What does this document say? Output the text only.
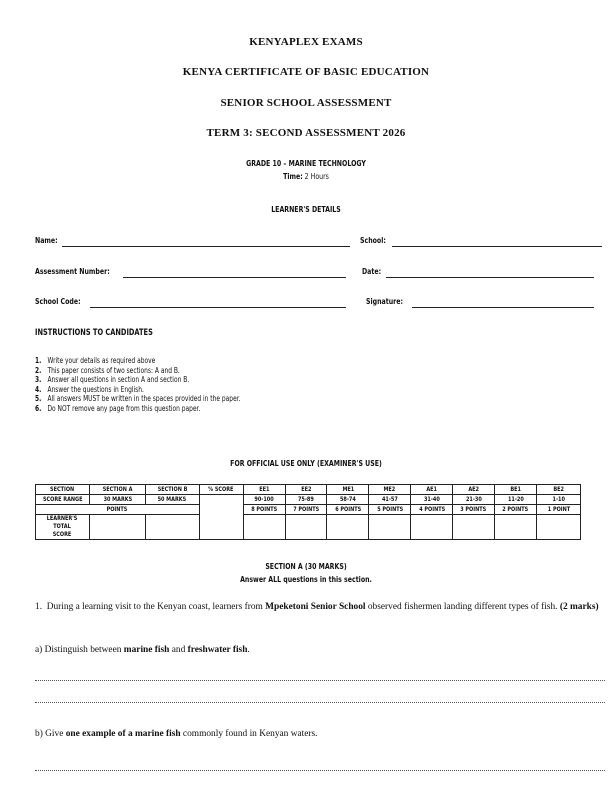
KENYAPLEX EXAMS
KENYA CERTIFICATE OF BASIC EDUCATION
SENIOR SCHOOL ASSESSMENT
TERM 3: SECOND ASSESSMENT 2026
GRADE 10 – MARINE TECHNOLOGY
Time: 2 Hours
LEARNER'S DETAILS
Name:	School:
Assessment Number:	Date:
School Code:	Signature:
INSTRUCTIONS TO CANDIDATES
1. Write your details as required above
2. This paper consists of two sections: A and B.
3. Answer all questions in section A and section B.
4. Answer the questions in English.
5. All answers MUST be written in the spaces provided in the paper.
6. Do NOT remove any page from this question paper.
FOR OFFICIAL USE ONLY (EXAMINER'S USE)
SECTION	SECTION A	SECTION B	% SCORE	EE1	EE2	ME1	ME2	AE1	AE2	BE1	BE2
SCORE RANGE	30 MARKS	50 MARKS		90-100	75-89	58-74	41-57	31-40	21-30	11-20	1-10
POINTS				8 POINTS	7 POINTS	6 POINTS	5 POINTS	4 POINTS	3 POINTS	2 POINTS	1 POINT
LEARNER'S TOTAL SCORE											
SECTION A (30 MARKS)
Answer ALL questions in this section.
1. During a learning visit to the Kenyan coast, learners from Mpeketoni Senior School observed fishermen landing different types of fish. (2 marks)
a) Distinguish between marine fish and freshwater fish.
b) Give one example of a marine fish commonly found in Kenyan waters.
